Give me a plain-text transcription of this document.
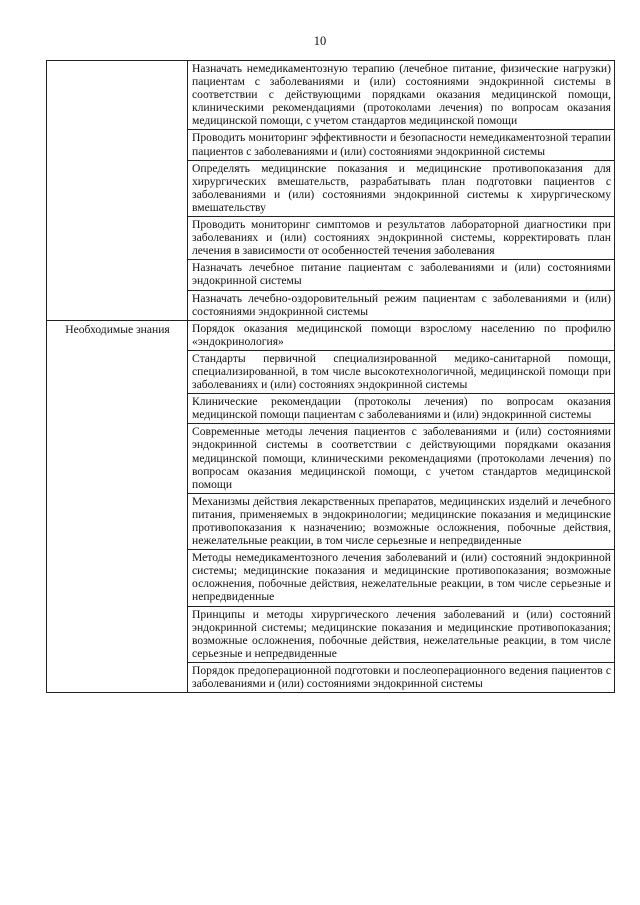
10
	Назначать немедикаментозную терапию (лечебное питание, физические нагрузки) пациентам с заболеваниями и (или) состояниями эндокринной системы в соответствии с действующими порядками оказания медицинской помощи, клиническими рекомендациями (протоколами лечения) по вопросам оказания медицинской помощи, с учетом стандартов медицинской помощи
	Проводить мониторинг эффективности и безопасности немедикаментозной терапии пациентов с заболеваниями и (или) состояниями эндокринной системы
	Определять медицинские показания и медицинские противопоказания для хирургических вмешательств, разрабатывать план подготовки пациентов с заболеваниями и (или) состояниями эндокринной системы к хирургическому вмешательству
	Проводить мониторинг симптомов и результатов лабораторной диагностики при заболеваниях и (или) состояниях эндокринной системы, корректировать план лечения в зависимости от особенностей течения заболевания
	Назначать лечебное питание пациентам с заболеваниями и (или) состояниями эндокринной системы
	Назначать лечебно-оздоровительный режим пациентам с заболеваниями и (или) состояниями эндокринной системы
Необходимые знания	Порядок оказания медицинской помощи взрослому населению по профилю «эндокринология»
	Стандарты первичной специализированной медико-санитарной помощи, специализированной, в том числе высокотехнологичной, медицинской помощи при заболеваниях и (или) состояниях эндокринной системы
	Клинические рекомендации (протоколы лечения) по вопросам оказания медицинской помощи пациентам с заболеваниями и (или) эндокринной системы
	Современные методы лечения пациентов с заболеваниями и (или) состояниями эндокринной системы в соответствии с действующими порядками оказания медицинской помощи, клиническими рекомендациями (протоколами лечения) по вопросам оказания медицинской помощи, с учетом стандартов медицинской помощи
	Механизмы действия лекарственных препаратов, медицинских изделий и лечебного питания, применяемых в эндокринологии; медицинские показания и медицинские противопоказания к назначению; возможные осложнения, побочные действия, нежелательные реакции, в том числе серьезные и непредвиденные
	Методы немедикаментозного лечения заболеваний и (или) состояний эндокринной системы; медицинские показания и медицинские противопоказания; возможные осложнения, побочные действия, нежелательные реакции, в том числе серьезные и непредвиденные
	Принципы и методы хирургического лечения заболеваний и (или) состояний эндокринной системы; медицинские показания и медицинские противопоказания; возможные осложнения, побочные действия, нежелательные реакции, в том числе серьезные и непредвиденные
	Порядок предоперационной подготовки и послеоперационного ведения пациентов с заболеваниями и (или) состояниями эндокринной системы
